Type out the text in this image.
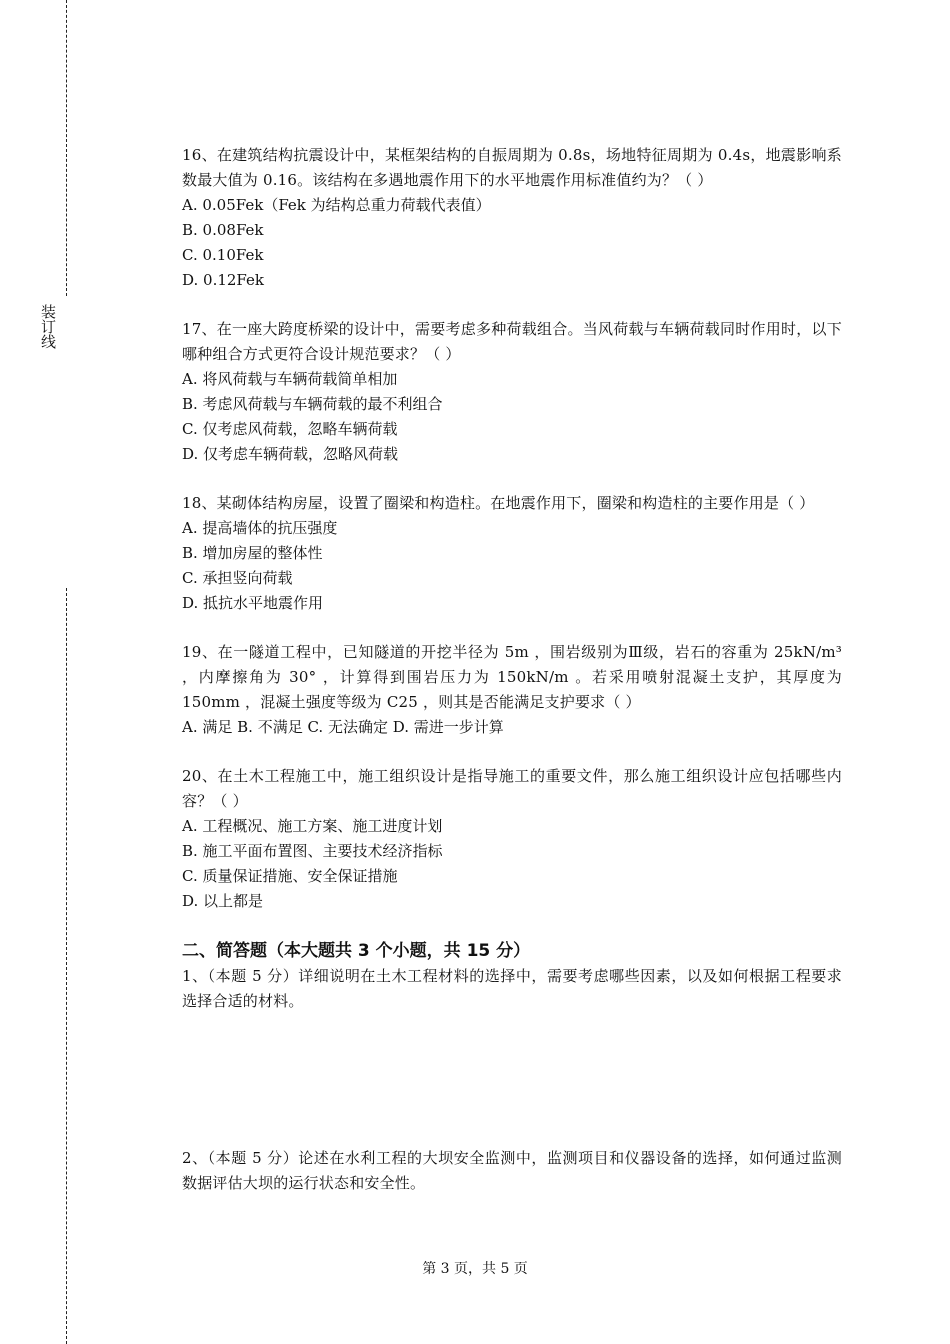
装订线

16、在建筑结构抗震设计中，某框架结构的自振周期为 0.8s，场地特征周期为 0.4s，地震影响系数最大值为 0.16。该结构在多遇地震作用下的水平地震作用标准值约为？（ ）

A. 0.05Fek（Fek 为结构总重力荷载代表值）

B. 0.08Fek

C. 0.10Fek

D. 0.12Fek

17、在一座大跨度桥梁的设计中，需要考虑多种荷载组合。当风荷载与车辆荷载同时作用时，以下哪种组合方式更符合设计规范要求？（ ）

A. 将风荷载与车辆荷载简单相加

B. 考虑风荷载与车辆荷载的最不利组合

C. 仅考虑风荷载，忽略车辆荷载

D. 仅考虑车辆荷载，忽略风荷载

18、某砌体结构房屋，设置了圈梁和构造柱。在地震作用下，圈梁和构造柱的主要作用是（ ）

A. 提高墙体的抗压强度

B. 增加房屋的整体性

C. 承担竖向荷载

D. 抵抗水平地震作用

19、在一隧道工程中，已知隧道的开挖半径为 5m ，围岩级别为Ⅲ级，岩石的容重为 25kN/m³ ，内摩擦角为 30° ，计算得到围岩压力为 150kN/m 。若采用喷射混凝土支护，其厚度为 150mm ，混凝土强度等级为 C25 ，则其是否能满足支护要求（ ）

A. 满足 B. 不满足 C. 无法确定 D. 需进一步计算

20、在土木工程施工中，施工组织设计是指导施工的重要文件，那么施工组织设计应包括哪些内容？（ ）

A. 工程概况、施工方案、施工进度计划

B. 施工平面布置图、主要技术经济指标

C. 质量保证措施、安全保证措施

D. 以上都是

二、简答题（本大题共 3 个小题，共 15 分）

1、（本题 5 分）详细说明在土木工程材料的选择中，需要考虑哪些因素，以及如何根据工程要求选择合适的材料。

2、（本题 5 分）论述在水利工程的大坝安全监测中，监测项目和仪器设备的选择，如何通过监测数据评估大坝的运行状态和安全性。

第 3 页，共 5 页
